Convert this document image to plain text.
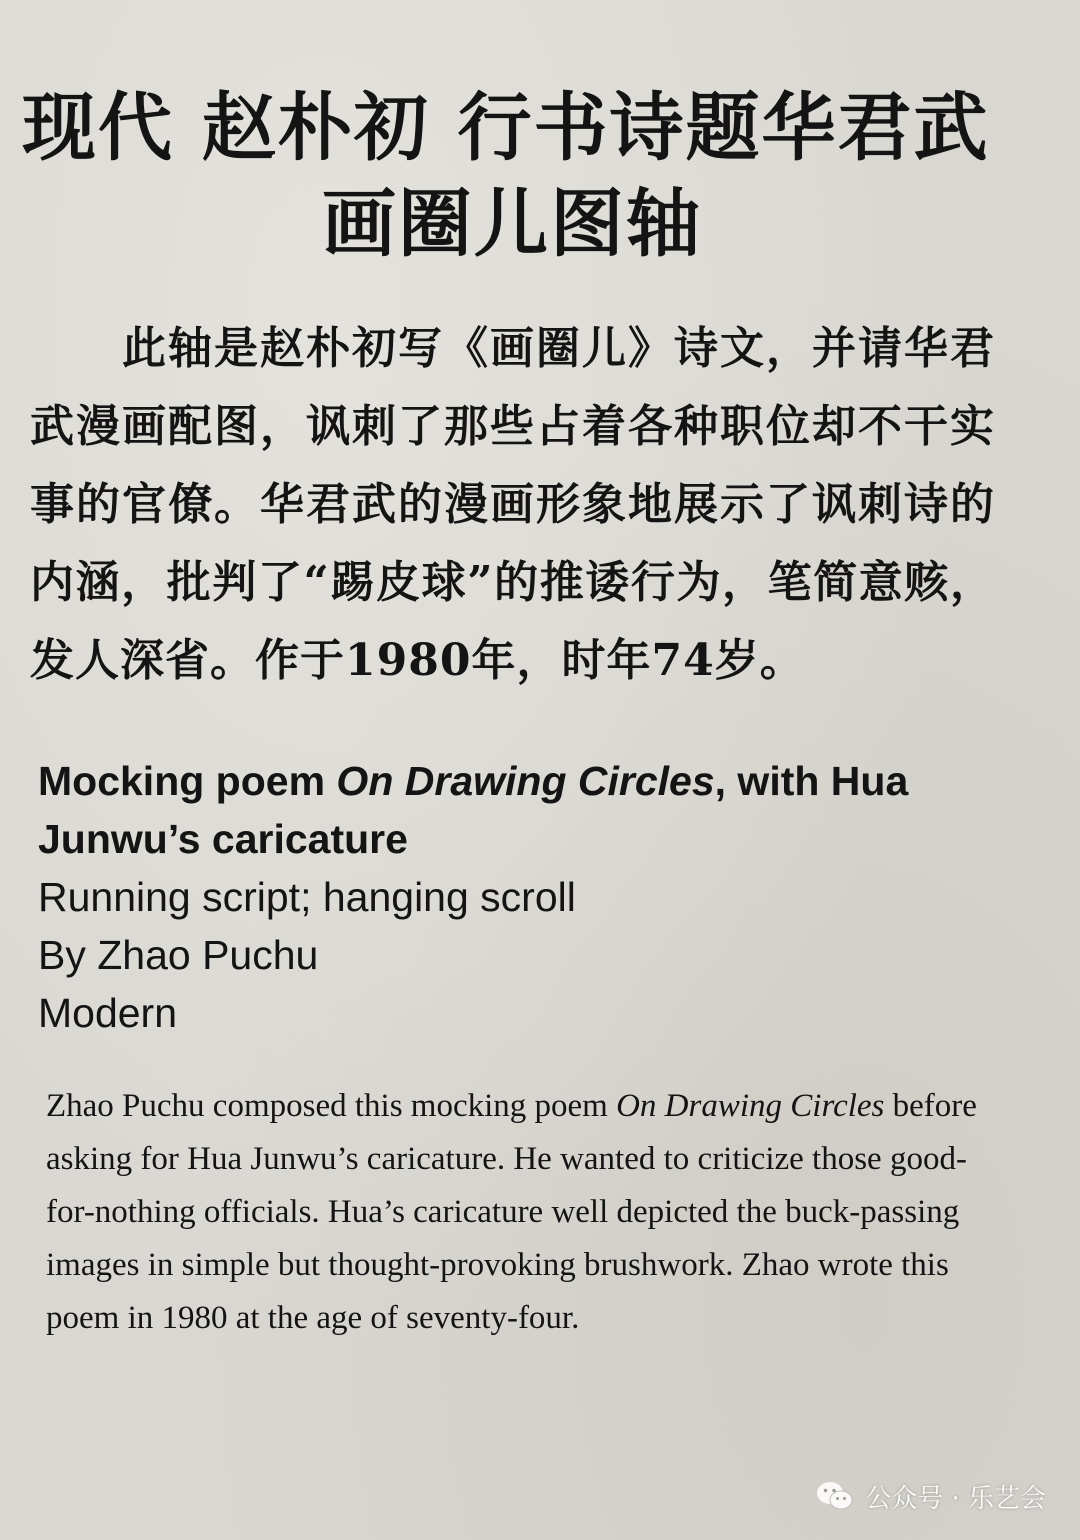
现代 赵朴初 行书诗题华君武

画圈儿图轴

此轴是赵朴初写《画圈儿》诗文，并请华君武漫画配图，讽刺了那些占着各种职位却不干实事的官僚。华君武的漫画形象地展示了讽刺诗的内涵，批判了“踢皮球”的推诿行为，笔简意赅，发人深省。作于1980年，时年74岁。

Mocking poem On Drawing Circles, with Hua Junwu’s caricature

Running script; hanging scroll

By Zhao Puchu

Modern

Zhao Puchu composed this mocking poem On Drawing Circles before asking for Hua Junwu’s caricature. He wanted to criticize those good-for-nothing officials. Hua’s caricature well depicted the buck-passing images in simple but thought-provoking brushwork. Zhao wrote this poem in 1980 at the age of seventy-four.

公众号 · 乐艺会
